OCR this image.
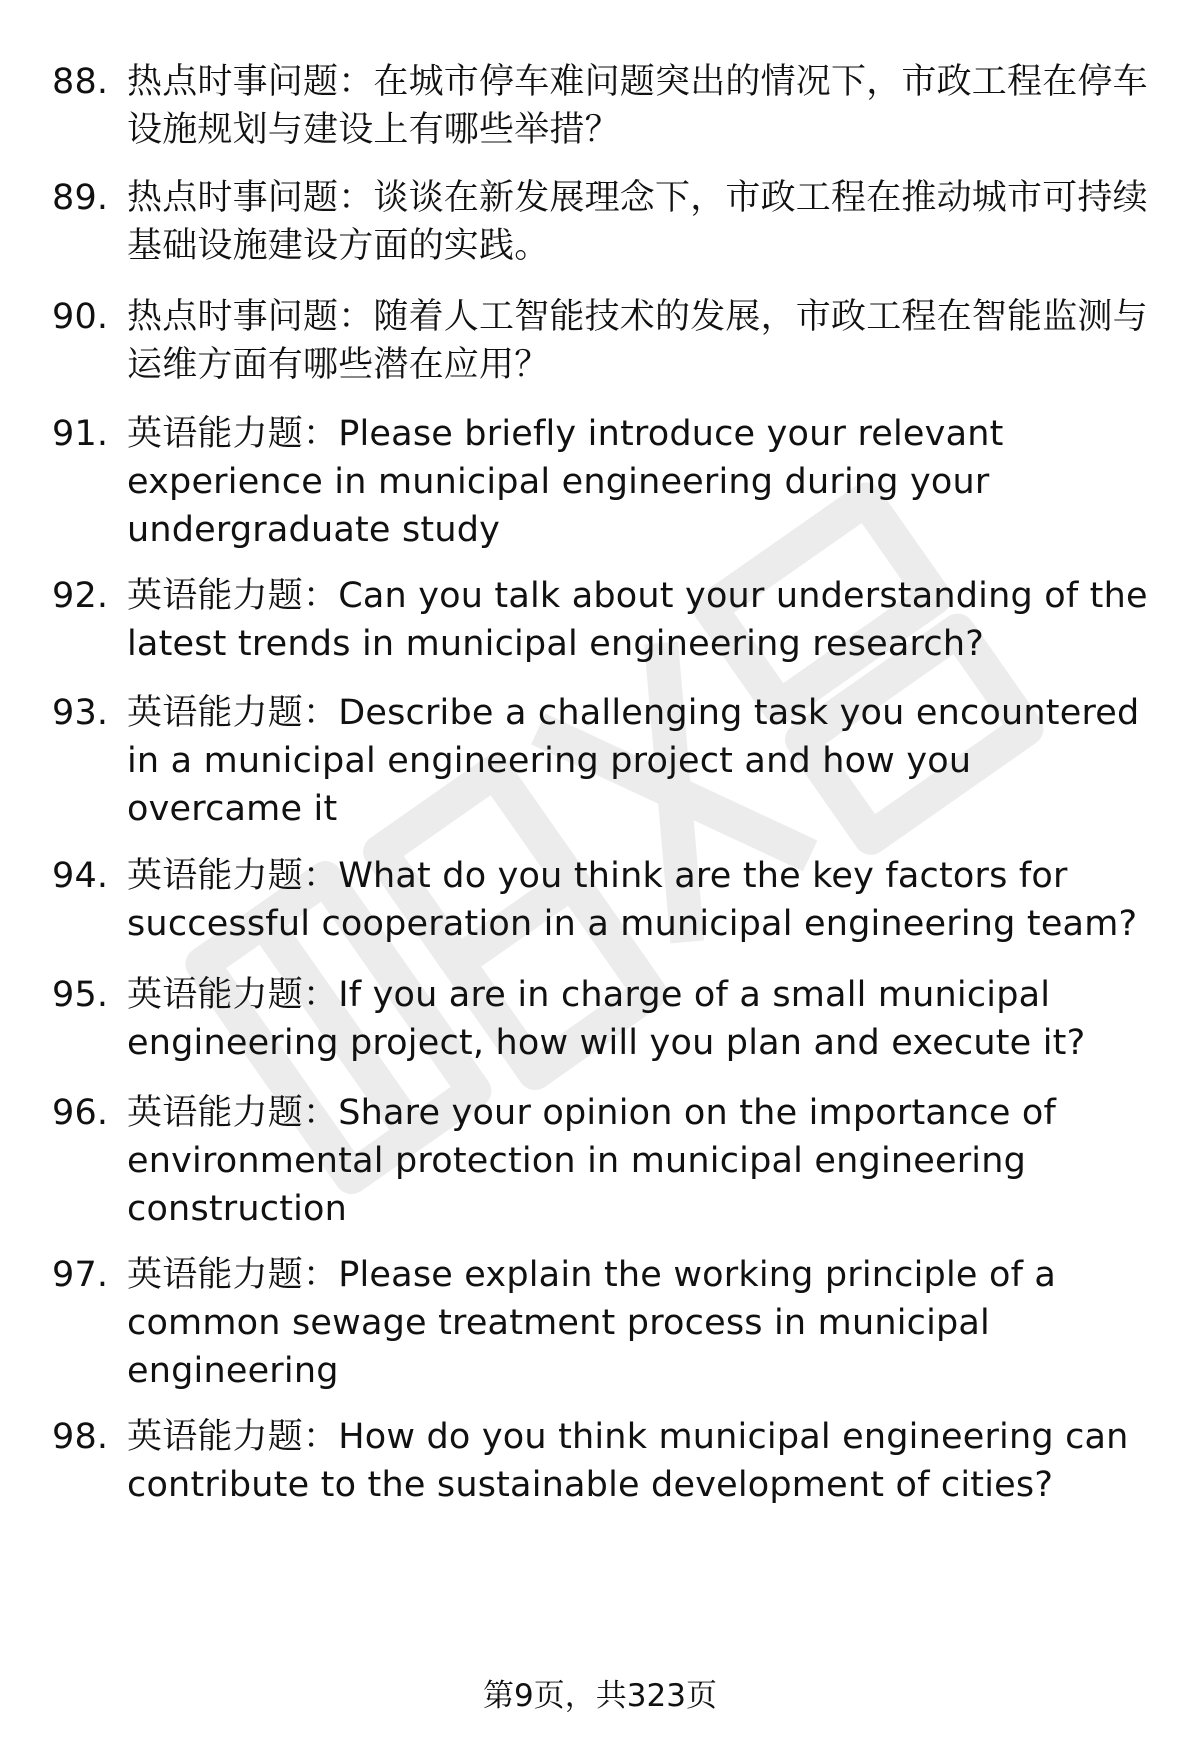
88. 热点时事问题：在城市停车难问题突出的情况下，市政工程在停车设施规划与建设上有哪些举措？
89. 热点时事问题：谈谈在新发展理念下，市政工程在推动城市可持续基础设施建设方面的实践。
90. 热点时事问题：随着人工智能技术的发展，市政工程在智能监测与运维方面有哪些潜在应用？
91. 英语能力题：Please briefly introduce your relevant experience in municipal engineering during your undergraduate study
92. 英语能力题：Can you talk about your understanding of the latest trends in municipal engineering research?
93. 英语能力题：Describe a challenging task you encountered in a municipal engineering project and how you overcame it
94. 英语能力题：What do you think are the key factors for successful cooperation in a municipal engineering team?
95. 英语能力题：If you are in charge of a small municipal engineering project, how will you plan and execute it?
96. 英语能力题：Share your opinion on the importance of environmental protection in municipal engineering construction
97. 英语能力题：Please explain the working principle of a common sewage treatment process in municipal engineering
98. 英语能力题：How do you think municipal engineering can contribute to the sustainable development of cities?
第9页，共323页
